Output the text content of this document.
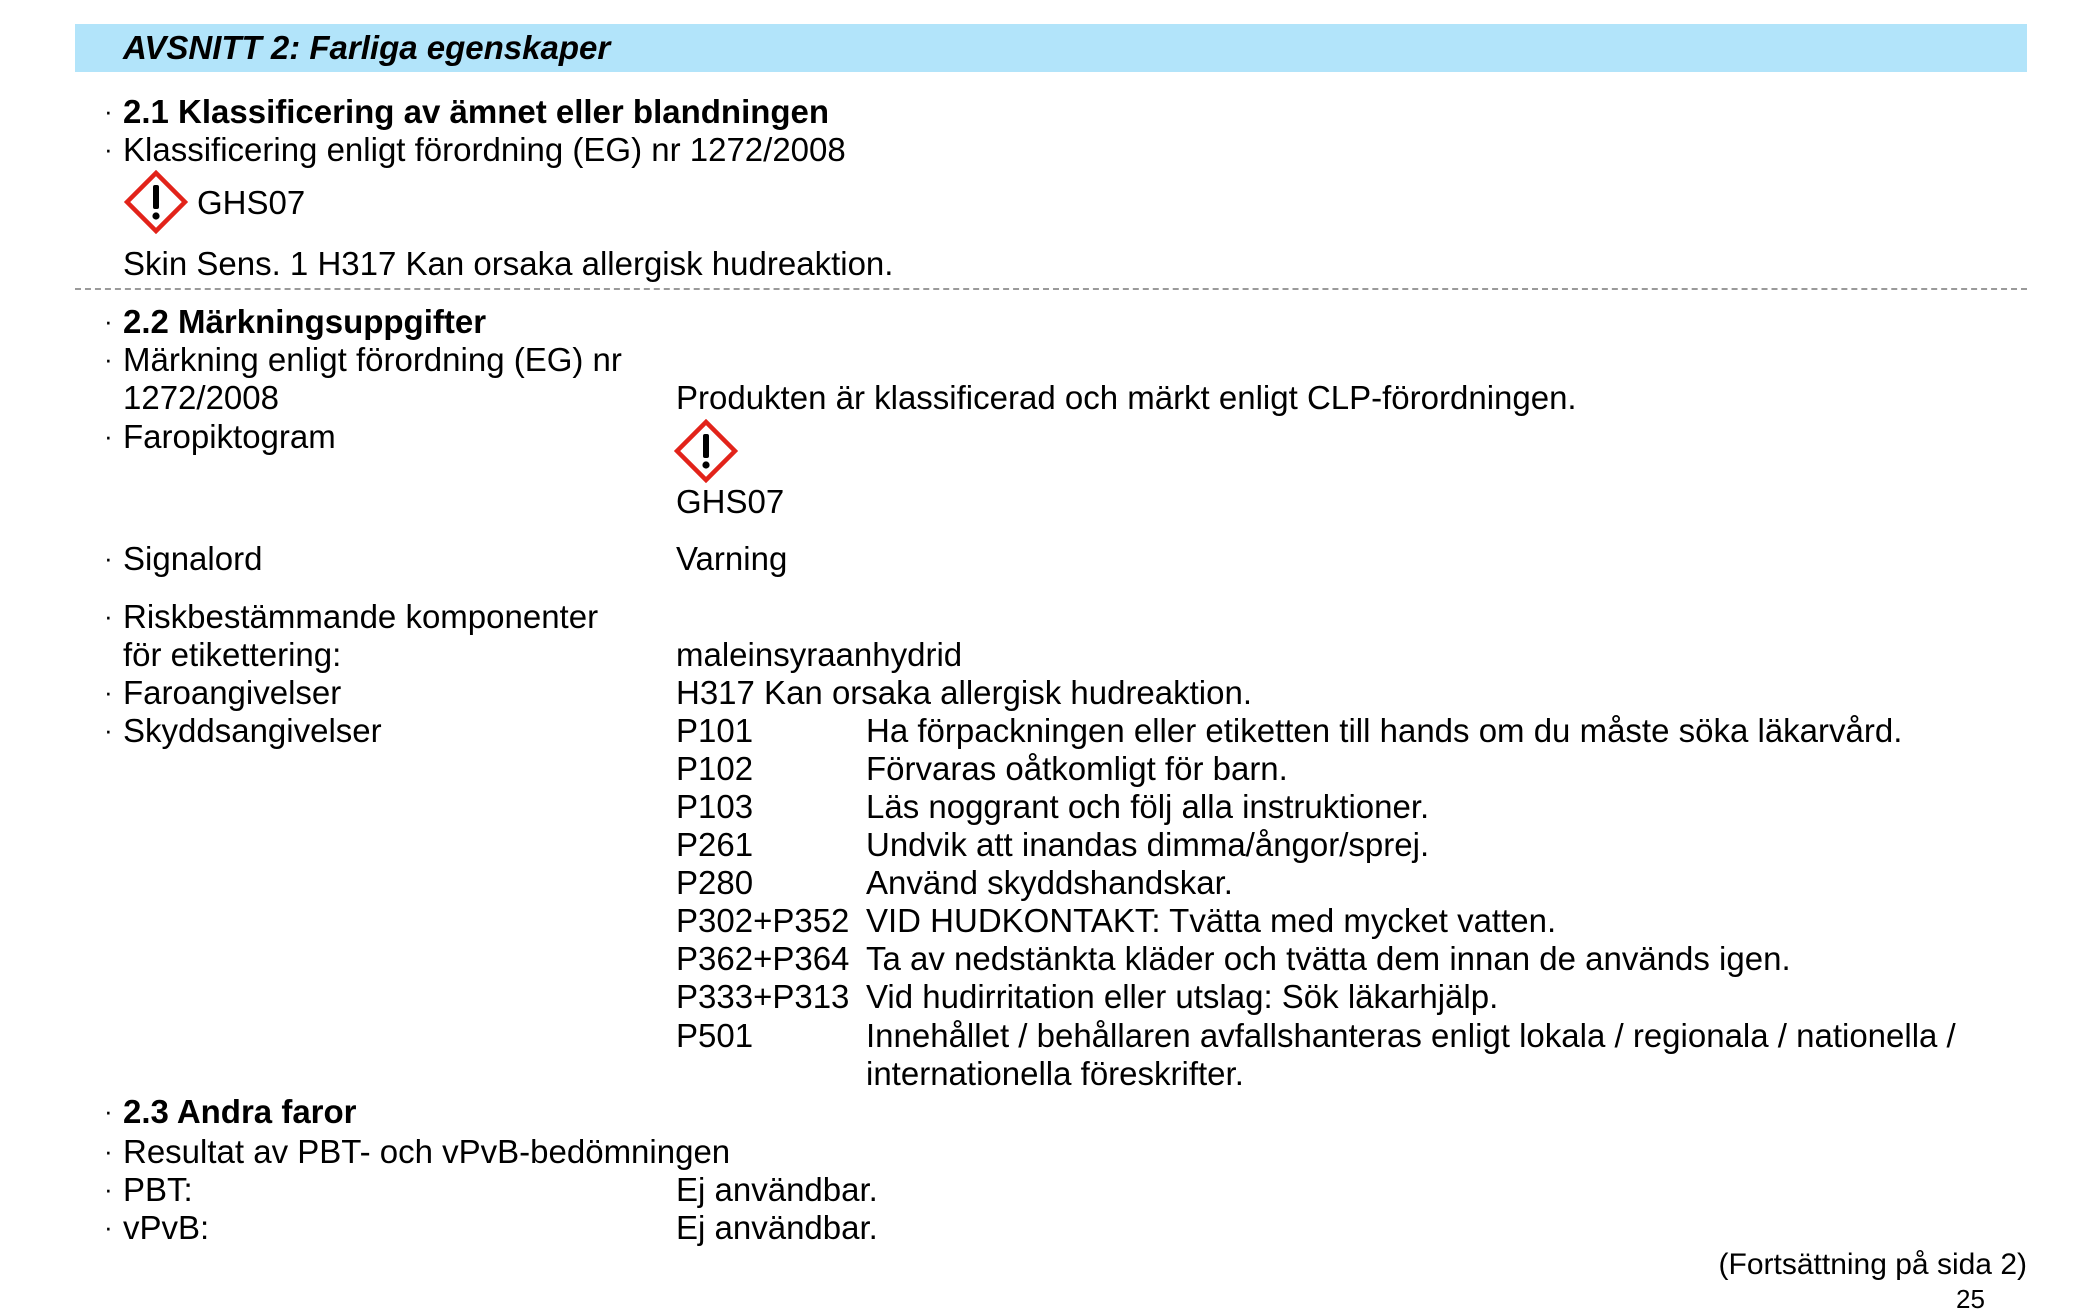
AVSNITT 2: Farliga egenskaper
· 2.1 Klassificering av ämnet eller blandningen
· Klassificering enligt förordning (EG) nr 1272/2008
GHS07
Skin Sens. 1 H317 Kan orsaka allergisk hudreaktion.
· 2.2 Märkningsuppgifter
· Märkning enligt förordning (EG) nr
1272/2008	Produkten är klassificerad och märkt enligt CLP-förordningen.
· Faropiktogram
GHS07
· Signalord	Varning
· Riskbestämmande komponenter
för etikettering:	maleinsyraanhydrid
· Faroangivelser	H317 Kan orsaka allergisk hudreaktion.
· Skyddsangivelser	P101	Ha förpackningen eller etiketten till hands om du måste söka läkarvård.
P102	Förvaras oåtkomligt för barn.
P103	Läs noggrant och följ alla instruktioner.
P261	Undvik att inandas dimma/ångor/sprej.
P280	Använd skyddshandskar.
P302+P352 VID HUDKONTAKT: Tvätta med mycket vatten.
P362+P364 Ta av nedstänkta kläder och tvätta dem innan de används igen.
P333+P313 Vid hudirritation eller utslag: Sök läkarhjälp.
P501	Innehållet / behållaren avfallshanteras enligt lokala / regionala / nationella /
internationella föreskrifter.
· 2.3 Andra faror
· Resultat av PBT- och vPvB-bedömningen
· PBT:	Ej användbar.
· vPvB:	Ej användbar.
(Fortsättning på sida 2)
25
